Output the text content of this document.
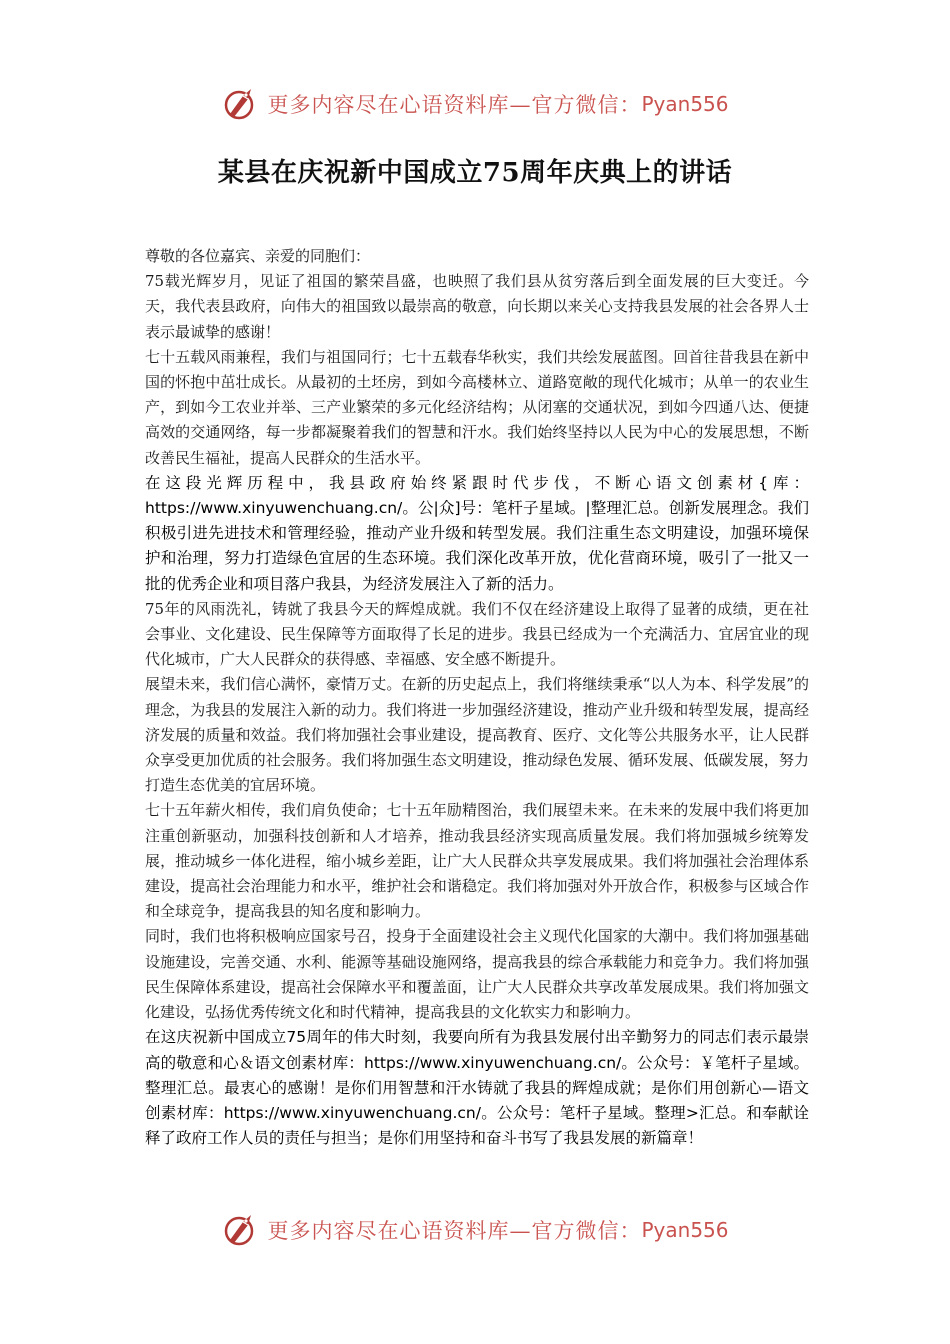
更多内容尽在心语资料库—官方微信： Pyan556
某县在庆祝新中国成立75周年庆典上的讲话

尊敬的各位嘉宾、亲爱的同胞们：

75载光辉岁月，见证了祖国的繁荣昌盛，也映照了我们县从贫穷落后到全面发展的巨大变迁。今天，我代表县政府，向伟大的祖国致以最崇高的敬意，向长期以来关心支持我县发展的社会各界人士表示最诚挚的感谢！

七十五载风雨兼程，我们与祖国同行；七十五载春华秋实，我们共绘发展蓝图。回首往昔我县在新中国的怀抱中茁壮成长。从最初的土坯房，到如今高楼林立、道路宽敞的现代化城市；从单一的农业生产，到如今工农业并举、三产业繁荣的多元化经济结构；从闭塞的交通状况，到如今四通八达、便捷高效的交通网络，每一步都凝聚着我们的智慧和汗水。我们始终坚持以人民为中心的发展思想，不断改善民生福祉，提高人民群众的生活水平。

在这段光辉历程中，我县政府始终紧跟时代步伐，不断心语文创素材{库：https://www.xinyuwenchuang.cn/。公|众]号：笔杆子星域。|整理汇总。创新发展理念。我们积极引进先进技术和管理经验，推动产业升级和转型发展。我们注重生态文明建设，加强环境保护和治理，努力打造绿色宜居的生态环境。我们深化改革开放，优化营商环境，吸引了一批又一批的优秀企业和项目落户我县，为经济发展注入了新的活力。

75年的风雨洗礼，铸就了我县今天的辉煌成就。我们不仅在经济建设上取得了显著的成绩，更在社会事业、文化建设、民生保障等方面取得了长足的进步。我县已经成为一个充满活力、宜居宜业的现代化城市，广大人民群众的获得感、幸福感、安全感不断提升。

展望未来，我们信心满怀，豪情万丈。在新的历史起点上，我们将继续秉承“以人为本、科学发展”的理念，为我县的发展注入新的动力。我们将进一步加强经济建设，推动产业升级和转型发展，提高经济发展的质量和效益。我们将加强社会事业建设，提高教育、医疗、文化等公共服务水平，让人民群众享受更加优质的社会服务。我们将加强生态文明建设，推动绿色发展、循环发展、低碳发展，努力打造生态优美的宜居环境。

七十五年薪火相传，我们肩负使命；七十五年励精图治，我们展望未来。在未来的发展中我们将更加注重创新驱动，加强科技创新和人才培养，推动我县经济实现高质量发展。我们将加强城乡统筹发展，推动城乡一体化进程，缩小城乡差距，让广大人民群众共享发展成果。我们将加强社会治理体系建设，提高社会治理能力和水平，维护社会和谐稳定。我们将加强对外开放合作，积极参与区域合作和全球竞争，提高我县的知名度和影响力。

同时，我们也将积极响应国家号召，投身于全面建设社会主义现代化国家的大潮中。我们将加强基础设施建设，完善交通、水利、能源等基础设施网络，提高我县的综合承载能力和竞争力。我们将加强民生保障体系建设，提高社会保障水平和覆盖面，让广大人民群众共享改革发展成果。我们将加强文化建设，弘扬优秀传统文化和时代精神，提高我县的文化软实力和影响力。

在这庆祝新中国成立75周年的伟大时刻，我要向所有为我县发展付出辛勤努力的同志们表示最崇高的敬意和心＆语文创素材库：https://www.xinyuwenchuang.cn/。公众号：￥笔杆子星域。整理汇总。最衷心的感谢！是你们用智慧和汗水铸就了我县的辉煌成就；是你们用创新心—语文创素材库：https://www.xinyuwenchuang.cn/。公众号：笔杆子星域。整理>汇总。和奉献诠释了政府工作人员的责任与担当；是你们用坚持和奋斗书写了我县发展的新篇章！

更多内容尽在心语资料库—官方微信： Pyan556
